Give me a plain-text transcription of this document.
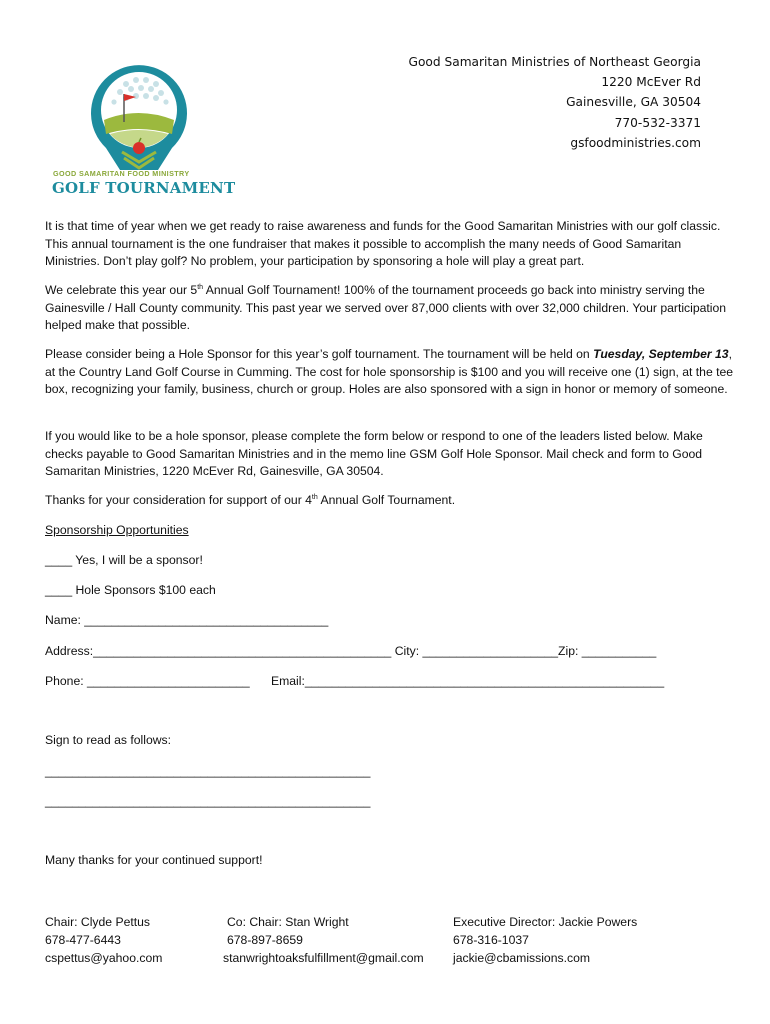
GOOD SAMARITAN FOOD MINISTRY
GOLF TOURNAMENT
Good Samaritan Ministries of Northeast Georgia
1220 McEver Rd
Gainesville, GA 30504
770-532-3371
gsfoodministries.com

It is that time of year when we get ready to raise awareness and funds for the Good Samaritan Ministries with our golf classic. This annual tournament is the one fundraiser that makes it possible to accomplish the many needs of Good Samaritan Ministries. Don’t play golf? No problem, your participation by sponsoring a hole will play a great part.

We celebrate this year our 5th Annual Golf Tournament! 100% of the tournament proceeds go back into ministry serving the Gainesville / Hall County community. This past year we served over 87,000 clients with over 32,000 children. Your participation helped make that possible.

Please consider being a Hole Sponsor for this year’s golf tournament. The tournament will be held on Tuesday, September 13, at the Country Land Golf Course in Cumming. The cost for hole sponsorship is $100 and you will receive one (1) sign, at the tee box, recognizing your family, business, church or group. Holes are also sponsored with a sign in honor or memory of someone.

If you would like to be a hole sponsor, please complete the form below or respond to one of the leaders listed below. Make checks payable to Good Samaritan Ministries and in the memo line GSM Golf Hole Sponsor. Mail check and form to Good Samaritan Ministries, 1220 McEver Rd, Gainesville, GA 30504.

Thanks for your consideration for support of our 4th Annual Golf Tournament.

Sponsorship Opportunities
____ Yes, I will be a sponsor!
____ Hole Sponsors $100 each
Name: ____________________________________
Address:____________________________________________ City: ____________________Zip: ___________
Phone: ________________________ Email:_____________________________________________________
Sign to read as follows:
________________________________________________
________________________________________________
Many thanks for your continued support!
Chair: Clyde Pettus
678-477-6443
cspettus@yahoo.com
Co: Chair: Stan Wright
678-897-8659
stanwrightoaksfulfillment@gmail.com
Executive Director: Jackie Powers
678-316-1037
jackie@cbamissions.com
